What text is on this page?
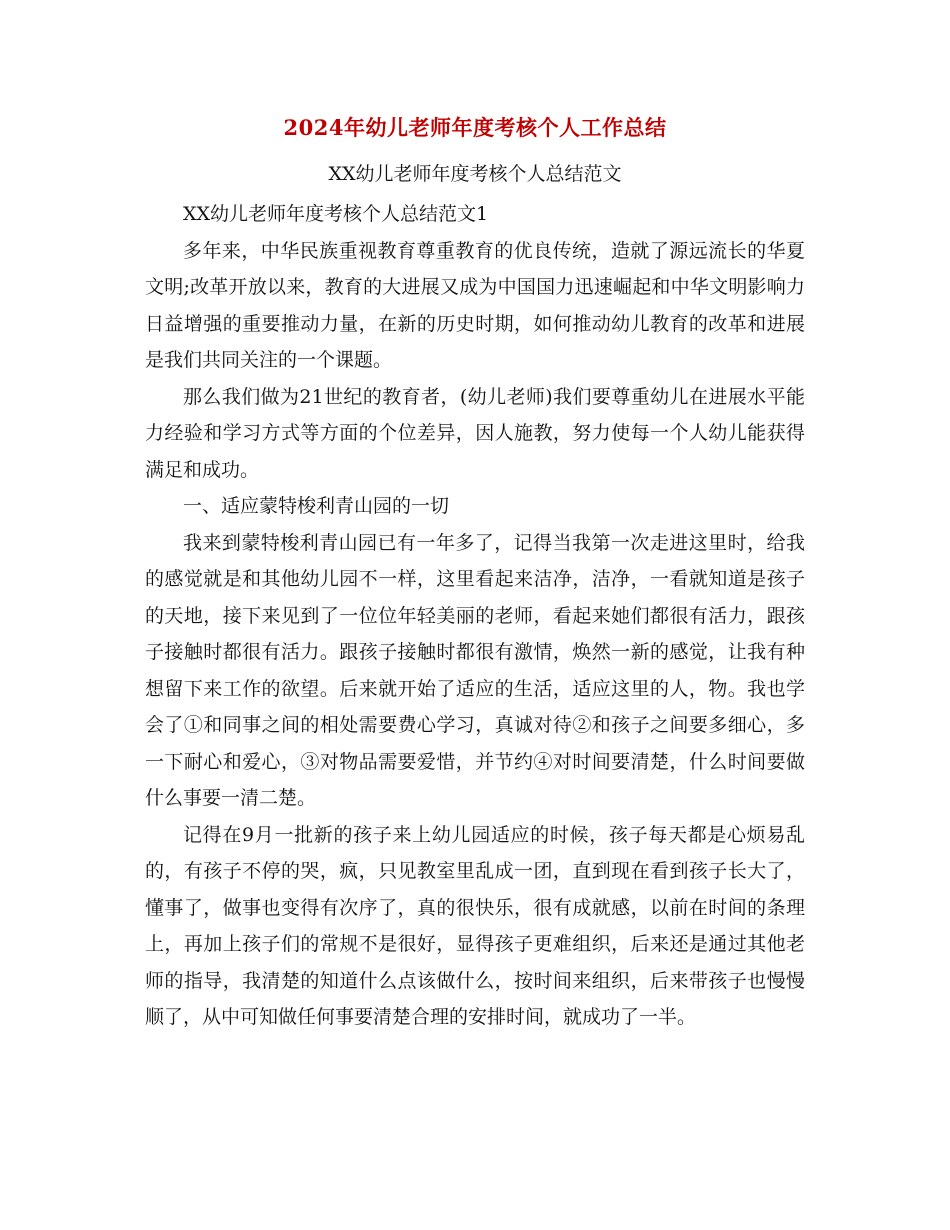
2024年幼儿老师年度考核个人工作总结
XX幼儿老师年度考核个人总结范文

XX幼儿老师年度考核个人总结范文1

多年来，中华民族重视教育尊重教育的优良传统，造就了源远流长的华夏文明;改革开放以来，教育的大进展又成为中国国力迅速崛起和中华文明影响力日益增强的重要推动力量，在新的历史时期，如何推动幼儿教育的改革和进展是我们共同关注的一个课题。

那么我们做为21世纪的教育者，(幼儿老师)我们要尊重幼儿在进展水平能力经验和学习方式等方面的个位差异，因人施教，努力使每一个人幼儿能获得满足和成功。

一、适应蒙特梭利青山园的一切

我来到蒙特梭利青山园已有一年多了，记得当我第一次走进这里时，给我的感觉就是和其他幼儿园不一样，这里看起来洁净，洁净，一看就知道是孩子的天地，接下来见到了一位位年轻美丽的老师，看起来她们都很有活力，跟孩子接触时都很有活力。跟孩子接触时都很有激情，焕然一新的感觉，让我有种想留下来工作的欲望。后来就开始了适应的生活，适应这里的人，物。我也学会了①和同事之间的相处需要费心学习，真诚对待②和孩子之间要多细心，多一下耐心和爱心，③对物品需要爱惜，并节约④对时间要清楚，什么时间要做什么事要一清二楚。

记得在9月一批新的孩子来上幼儿园适应的时候，孩子每天都是心烦易乱的，有孩子不停的哭，疯，只见教室里乱成一团，直到现在看到孩子长大了，懂事了，做事也变得有次序了，真的很快乐，很有成就感，以前在时间的条理上，再加上孩子们的常规不是很好，显得孩子更难组织，后来还是通过其他老师的指导，我清楚的知道什么点该做什么，按时间来组织，后来带孩子也慢慢顺了，从中可知做任何事要清楚合理的安排时间，就成功了一半。
